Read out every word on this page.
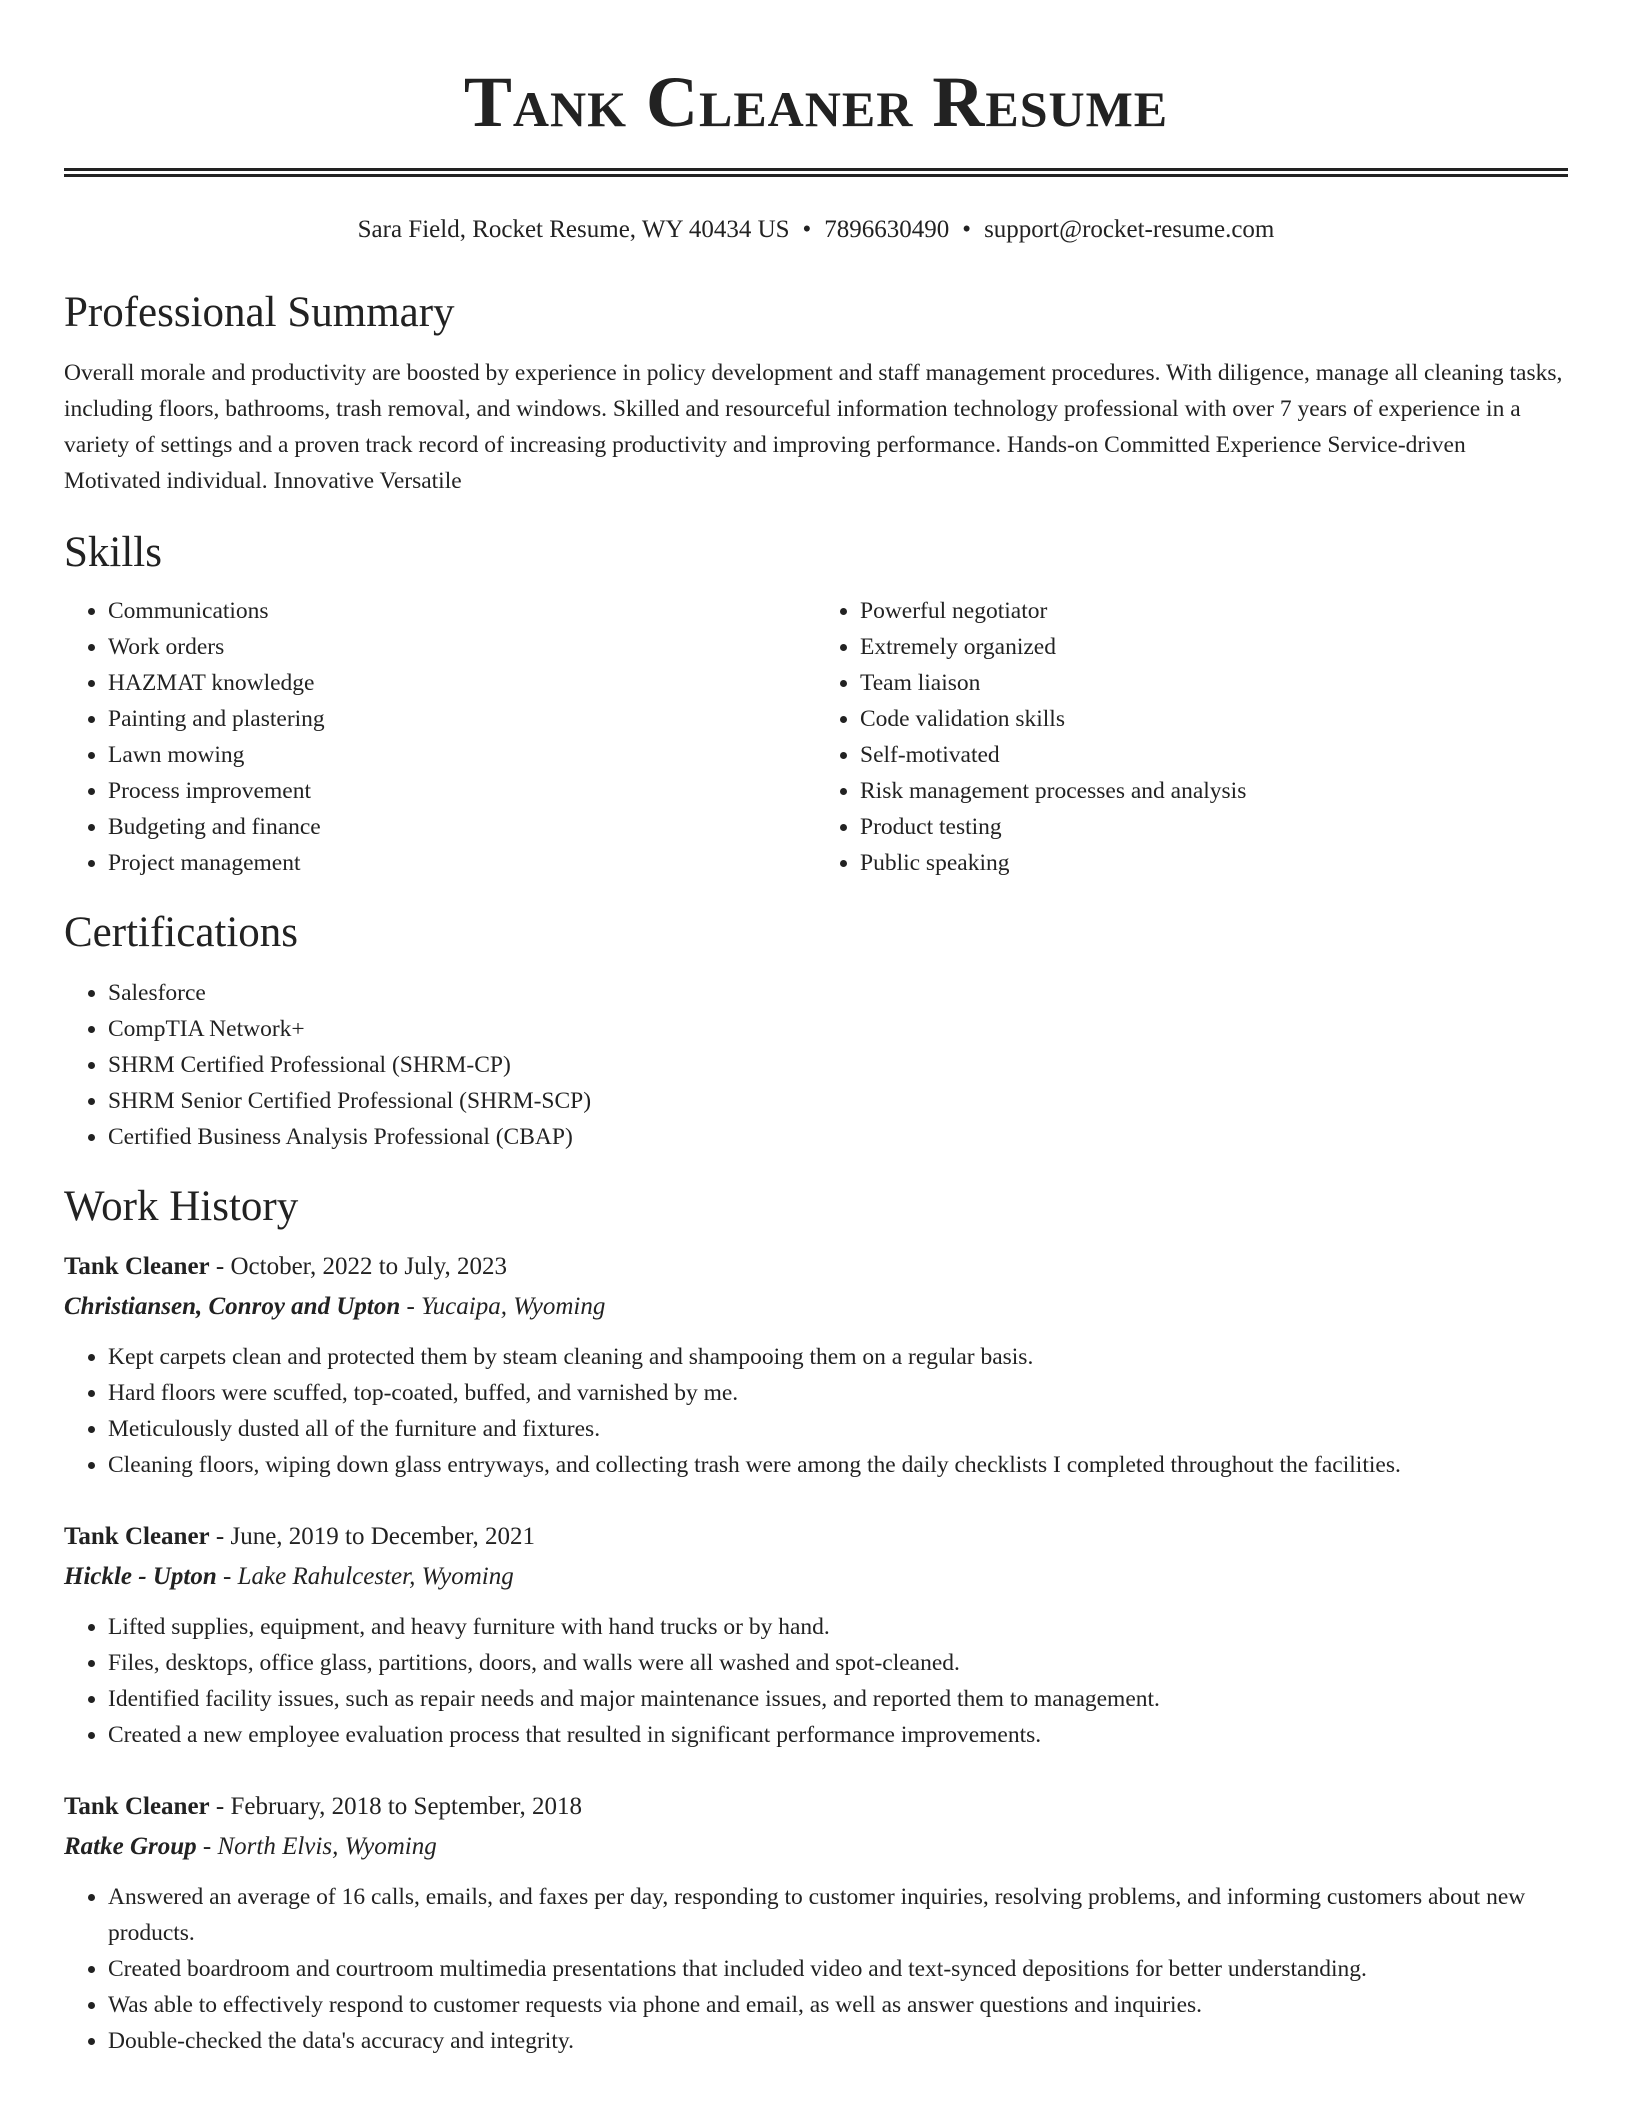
Tank Cleaner Resume
Sara Field, Rocket Resume, WY 40434 US • 7896630490 • support@rocket-resume.com
Professional Summary
Overall morale and productivity are boosted by experience in policy development and staff management procedures. With diligence, manage all cleaning tasks, including floors, bathrooms, trash removal, and windows. Skilled and resourceful information technology professional with over 7 years of experience in a variety of settings and a proven track record of increasing productivity and improving performance. Hands-on Committed Experience Service-driven Motivated individual. Innovative Versatile
Skills
• Communications
• Work orders
• HAZMAT knowledge
• Painting and plastering
• Lawn mowing
• Process improvement
• Budgeting and finance
• Project management
• Powerful negotiator
• Extremely organized
• Team liaison
• Code validation skills
• Self-motivated
• Risk management processes and analysis
• Product testing
• Public speaking
Certifications
• Salesforce
• CompTIA Network+
• SHRM Certified Professional (SHRM-CP)
• SHRM Senior Certified Professional (SHRM-SCP)
• Certified Business Analysis Professional (CBAP)
Work History
Tank Cleaner - October, 2022 to July, 2023
Christiansen, Conroy and Upton - Yucaipa, Wyoming
• Kept carpets clean and protected them by steam cleaning and shampooing them on a regular basis.
• Hard floors were scuffed, top-coated, buffed, and varnished by me.
• Meticulously dusted all of the furniture and fixtures.
• Cleaning floors, wiping down glass entryways, and collecting trash were among the daily checklists I completed throughout the facilities.
Tank Cleaner - June, 2019 to December, 2021
Hickle - Upton - Lake Rahulcester, Wyoming
• Lifted supplies, equipment, and heavy furniture with hand trucks or by hand.
• Files, desktops, office glass, partitions, doors, and walls were all washed and spot-cleaned.
• Identified facility issues, such as repair needs and major maintenance issues, and reported them to management.
• Created a new employee evaluation process that resulted in significant performance improvements.
Tank Cleaner - February, 2018 to September, 2018
Ratke Group - North Elvis, Wyoming
• Answered an average of 16 calls, emails, and faxes per day, responding to customer inquiries, resolving problems, and informing customers about new products.
• Created boardroom and courtroom multimedia presentations that included video and text-synced depositions for better understanding.
• Was able to effectively respond to customer requests via phone and email, as well as answer questions and inquiries.
• Double-checked the data's accuracy and integrity.
